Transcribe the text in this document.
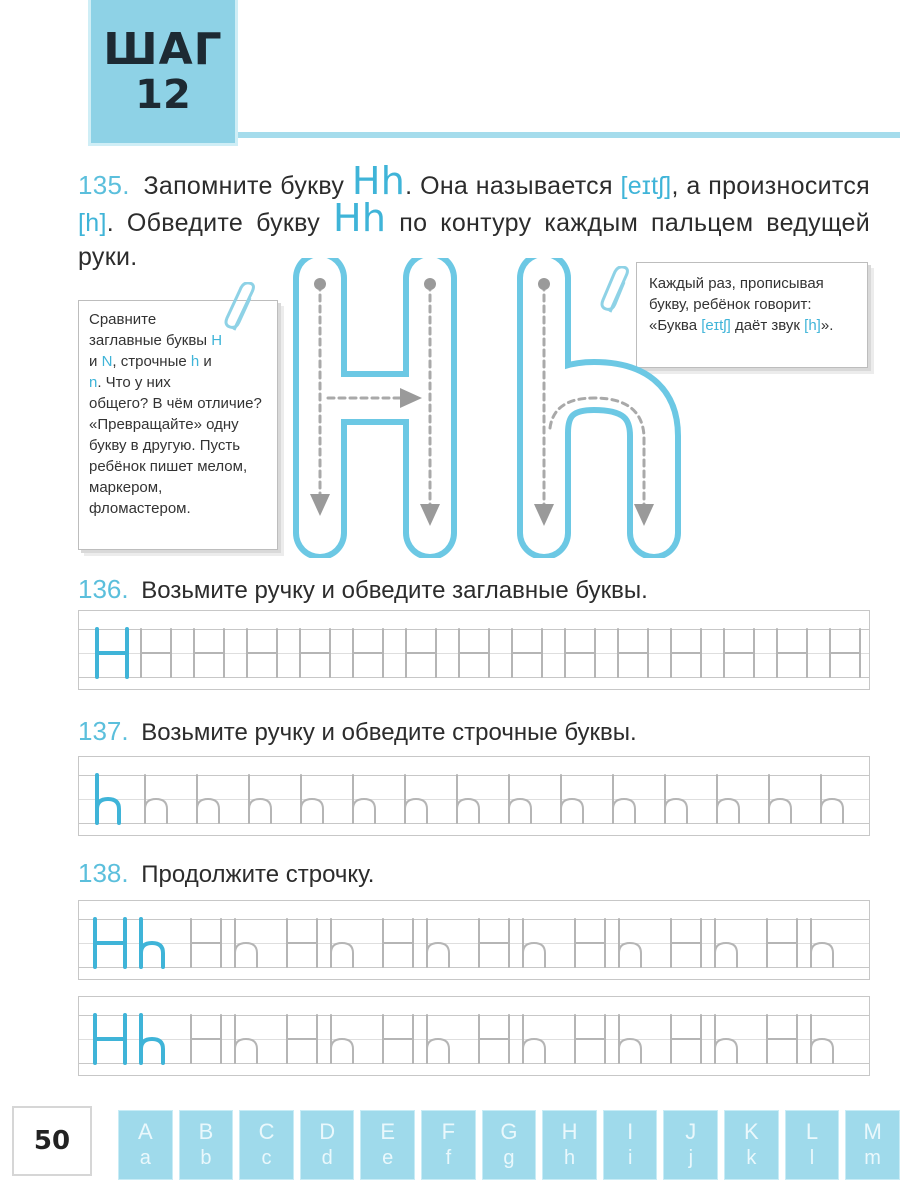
ШАГ
12
135. Запомните букву Hh. Она называется [eɪtʃ], а произносится [h]. Обведите букву Hh по контуру каждым пальцем ведущей руки.
Сравните
заглавные буквы H
и N, строчные h и
n. Что у них
общего? В чём отличие? «Превращайте» одну букву в другую. Пусть ребёнок пишет мелом, маркером, фломастером.
Каждый раз, прописывая букву, ребёнок говорит: «Буква [eɪtʃ] даёт звук [h]».
136. Возьмите ручку и обведите заглавные буквы.
137. Возьмите ручку и обведите строчные буквы.
138. Продолжите строчку.
50	A
a
B
b
C
c
D
d
E
e
F
f
G
g
H
h
I
i
J
j
K
k
L
l
M
m
